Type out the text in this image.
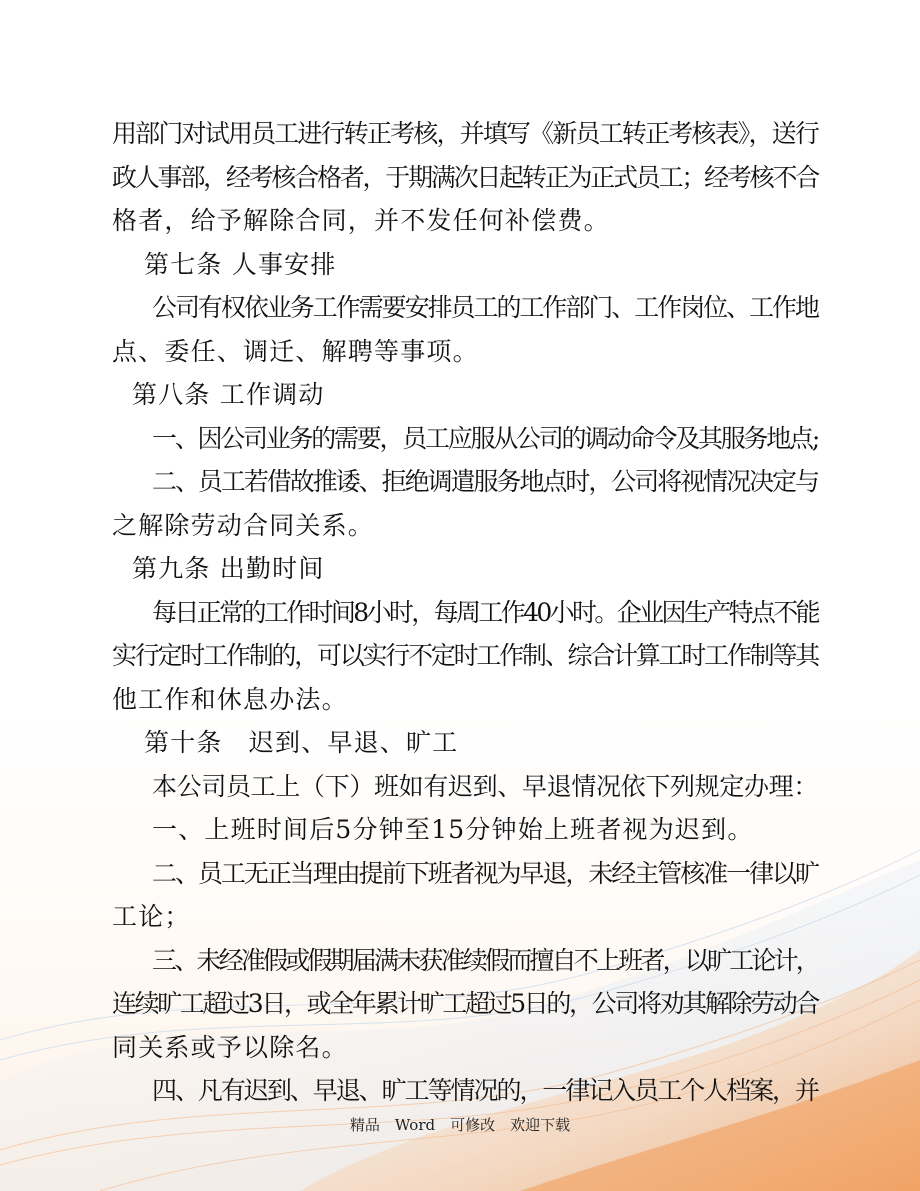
用部门对试用员工进行转正考核，并填写《新员工转正考核表》，送行
政人事部，经考核合格者，于期满次日起转正为正式员工；经考核不合
格者，给予解除合同，并不发任何补偿费。
第七条 人事安排
公司有权依业务工作需要安排员工的工作部门、工作岗位、工作地
点、委任、调迁、解聘等事项。
第八条 工作调动
一、因公司业务的需要，员工应服从公司的调动命令及其服务地点;
二、员工若借故推诿、拒绝调遣服务地点时，公司将视情况决定与
之解除劳动合同关系。
第九条 出勤时间
每日正常的工作时间8小时，每周工作40小时。企业因生产特点不能
实行定时工作制的，可以实行不定时工作制、综合计算工时工作制等其
他工作和休息办法。
第十条　迟到、早退、旷工
本公司员工上（下）班如有迟到、早退情况依下列规定办理：
一、上班时间后5分钟至15分钟始上班者视为迟到。
二、员工无正当理由提前下班者视为早退，未经主管核准一律以旷
工论；
三、未经准假或假期届满未获准续假而擅自不上班者，以旷工论计，
连续旷工超过3日，或全年累计旷工超过5日的，公司将劝其解除劳动合
同关系或予以除名。
四、凡有迟到、早退、旷工等情况的，一律记入员工个人档案，并
精品　Word　可修改　欢迎下载
